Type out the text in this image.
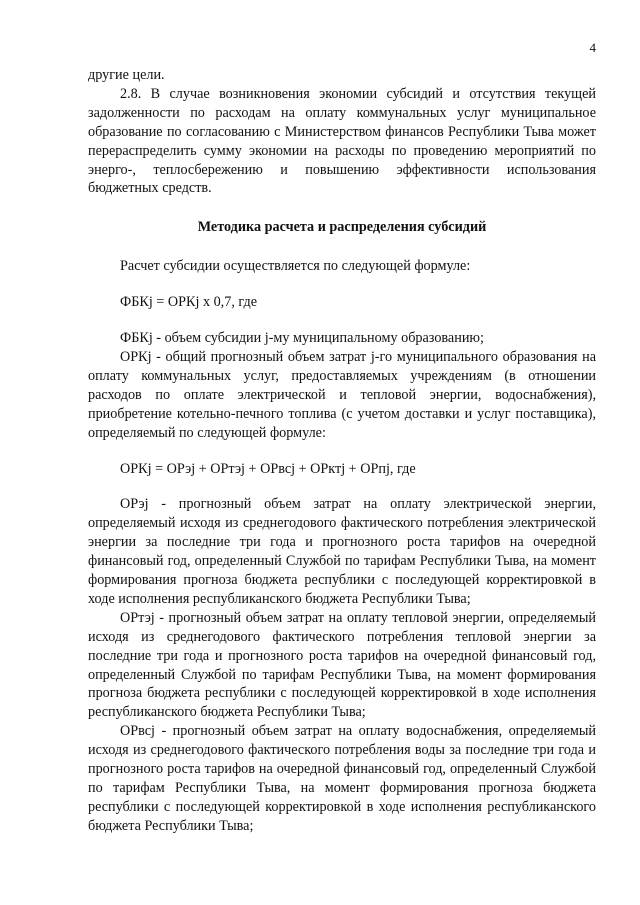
4

другие цели.

2.8. В случае возникновения экономии субсидий и отсутствия текущей задолженности по расходам на оплату коммунальных услуг муниципальное образование по согласованию с Министерством финансов Республики Тыва может перераспределить сумму экономии на расходы по проведению мероприятий по энерго-, теплосбережению и повышению эффективности использования бюджетных средств.

Методика расчета и распределения субсидий

Расчет субсидии осуществляется по следующей формуле:

ФБКj = ОРКj х 0,7, где

ФБКj - объем субсидии j-му муниципальному образованию;

ОРКj - общий прогнозный объем затрат j-го муниципального образования на оплату коммунальных услуг, предоставляемых учреждениям (в отношении расходов по оплате электрической и тепловой энергии, водоснабжения), приобретение котельно-печного топлива (с учетом доставки и услуг поставщика), определяемый по следующей формуле:

ОРКj = ОРэj + ОРтэj + ОРвсj + ОРктj + ОРпj, где

ОРэj - прогнозный объем затрат на оплату электрической энергии, определяемый исходя из среднегодового фактического потребления электрической энергии за последние три года и прогнозного роста тарифов на очередной финансовый год, определенный Службой по тарифам Республики Тыва, на момент формирования прогноза бюджета республики с последующей корректировкой в ходе исполнения республиканского бюджета Республики Тыва;

ОРтэj - прогнозный объем затрат на оплату тепловой энергии, определяемый исходя из среднегодового фактического потребления тепловой энергии за последние три года и прогнозного роста тарифов на очередной финансовый год, определенный Службой по тарифам Республики Тыва, на момент формирования прогноза бюджета республики с последующей корректировкой в ходе исполнения республиканского бюджета Республики Тыва;

ОРвсj - прогнозный объем затрат на оплату водоснабжения, определяемый исходя из среднегодового фактического потребления воды за последние три года и прогнозного роста тарифов на очередной финансовый год, определенный Службой по тарифам Республики Тыва, на момент формирования прогноза бюджета республики с последующей корректировкой в ходе исполнения республиканского бюджета Республики Тыва;
